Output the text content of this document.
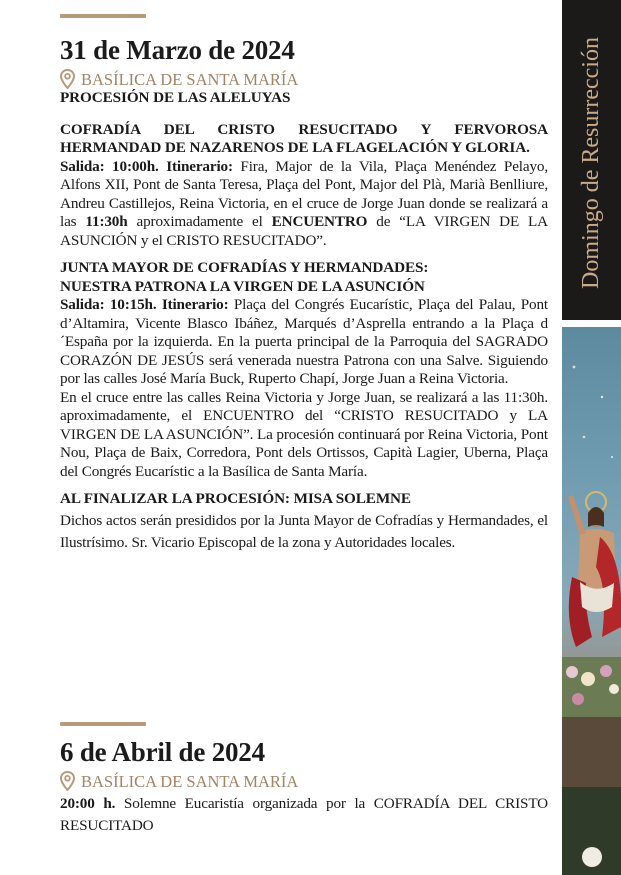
31 de Marzo de 2024
BASÍLICA DE SANTA MARÍA

PROCESIÓN DE LAS ALELUYAS

COFRADÍA DEL CRISTO RESUCITADO Y FERVOROSA HERMANDAD DE NAZARENOS DE LA FLAGELACIÓN Y GLORIA.

Salida: 10:00h. Itinerario: Fira, Major de la Vila, Plaça Menéndez Pelayo, Alfons XII, Pont de Santa Teresa, Plaça del Pont, Major del Plà, Marià Benlliure, Andreu Castillejos, Reina Victoria, en el cruce de Jorge Juan donde se realizará a las 11:30h aproximadamente el ENCUENTRO de “LA VIRGEN DE LA ASUNCIÓN y el CRISTO RESUCITADO”.

JUNTA MAYOR DE COFRADÍAS Y HERMANDADES:

NUESTRA PATRONA LA VIRGEN DE LA ASUNCIÓN

Salida: 10:15h. Itinerario: Plaça del Congrés Eucarístic, Plaça del Palau, Pont d’Altamira, Vicente Blasco Ibáñez, Marqués d’Asprella entrando a la Plaça d´España por la izquierda. En la puerta principal de la Parroquia del SAGRADO CORAZÓN DE JESÚS será venerada nuestra Patrona con una Salve. Siguiendo por las calles José María Buck, Ruperto Chapí, Jorge Juan a Reina Victoria.

En el cruce entre las calles Reina Victoria y Jorge Juan, se realizará a las 11:30h. aproximadamente, el ENCUENTRO del “CRISTO RESUCITADO y LA VIRGEN DE LA ASUNCIÓN”. La procesión continuará por Reina Victoria, Pont Nou, Plaça de Baix, Corredora, Pont dels Ortissos, Capità Lagier, Uberna, Plaça del Congrés Eucarístic a la Basílica de Santa María.

AL FINALIZAR LA PROCESIÓN: MISA SOLEMNE

Dichos actos serán presididos por la Junta Mayor de Cofradías y Hermandades, el Ilustrísimo. Sr. Vicario Episcopal de la zona y Autoridades locales.

6 de Abril de 2024
BASÍLICA DE SANTA MARÍA

20:00 h. Solemne Eucaristía organizada por la COFRADÍA DEL CRISTO RESUCITADO

Domingo de Resurrección
